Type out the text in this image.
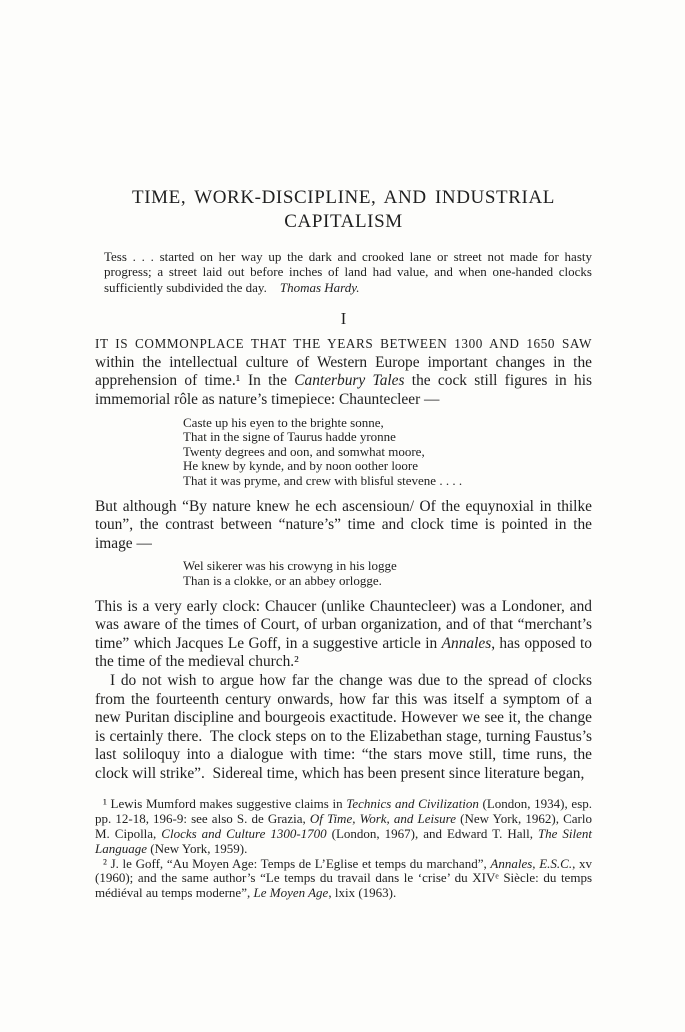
TIME, WORK-DISCIPLINE, AND INDUSTRIAL
CAPITALISM

Tess . . . started on her way up the dark and crooked lane or street not made for hasty progress; a street laid out before inches of land had value, and when one-handed clocks sufficiently subdivided the day. Thomas Hardy.

I

IT IS COMMONPLACE THAT THE YEARS BETWEEN 1300 AND 1650 SAW within the intellectual culture of Western Europe important changes in the apprehension of time.¹ In the Canterbury Tales the cock still figures in his immemorial rôle as nature’s timepiece: Chauntecleer —

Caste up his eyen to the brighte sonne,
That in the signe of Taurus hadde yronne
Twenty degrees and oon, and somwhat moore,
He knew by kynde, and by noon oother loore
That it was pryme, and crew with blisful stevene . . . .

But although “By nature knew he ech ascensioun/ Of the equynoxial in thilke toun”, the contrast between “nature’s” time and clock time is pointed in the image —

Wel sikerer was his crowyng in his logge
Than is a clokke, or an abbey orlogge.

This is a very early clock: Chaucer (unlike Chauntecleer) was a Londoner, and was aware of the times of Court, of urban organization, and of that “merchant’s time” which Jacques Le Goff, in a suggestive article in Annales, has opposed to the time of the medieval church.²

I do not wish to argue how far the change was due to the spread of clocks from the fourteenth century onwards, how far this was itself a symptom of a new Puritan discipline and bourgeois exactitude. However we see it, the change is certainly there. The clock steps on to the Elizabethan stage, turning Faustus’s last soliloquy into a dialogue with time: “the stars move still, time runs, the clock will strike”. Sidereal time, which has been present since literature began,

¹ Lewis Mumford makes suggestive claims in Technics and Civilization (London, 1934), esp. pp. 12-18, 196-9: see also S. de Grazia, Of Time, Work, and Leisure (New York, 1962), Carlo M. Cipolla, Clocks and Culture 1300-1700 (London, 1967), and Edward T. Hall, The Silent Language (New York, 1959).

² J. le Goff, “Au Moyen Age: Temps de L’Eglise et temps du marchand”, Annales, E.S.C., xv (1960); and the same author’s “Le temps du travail dans le ‘crise’ du XIVᵉ Siècle: du temps médiéval au temps moderne”, Le Moyen Age, lxix (1963).
